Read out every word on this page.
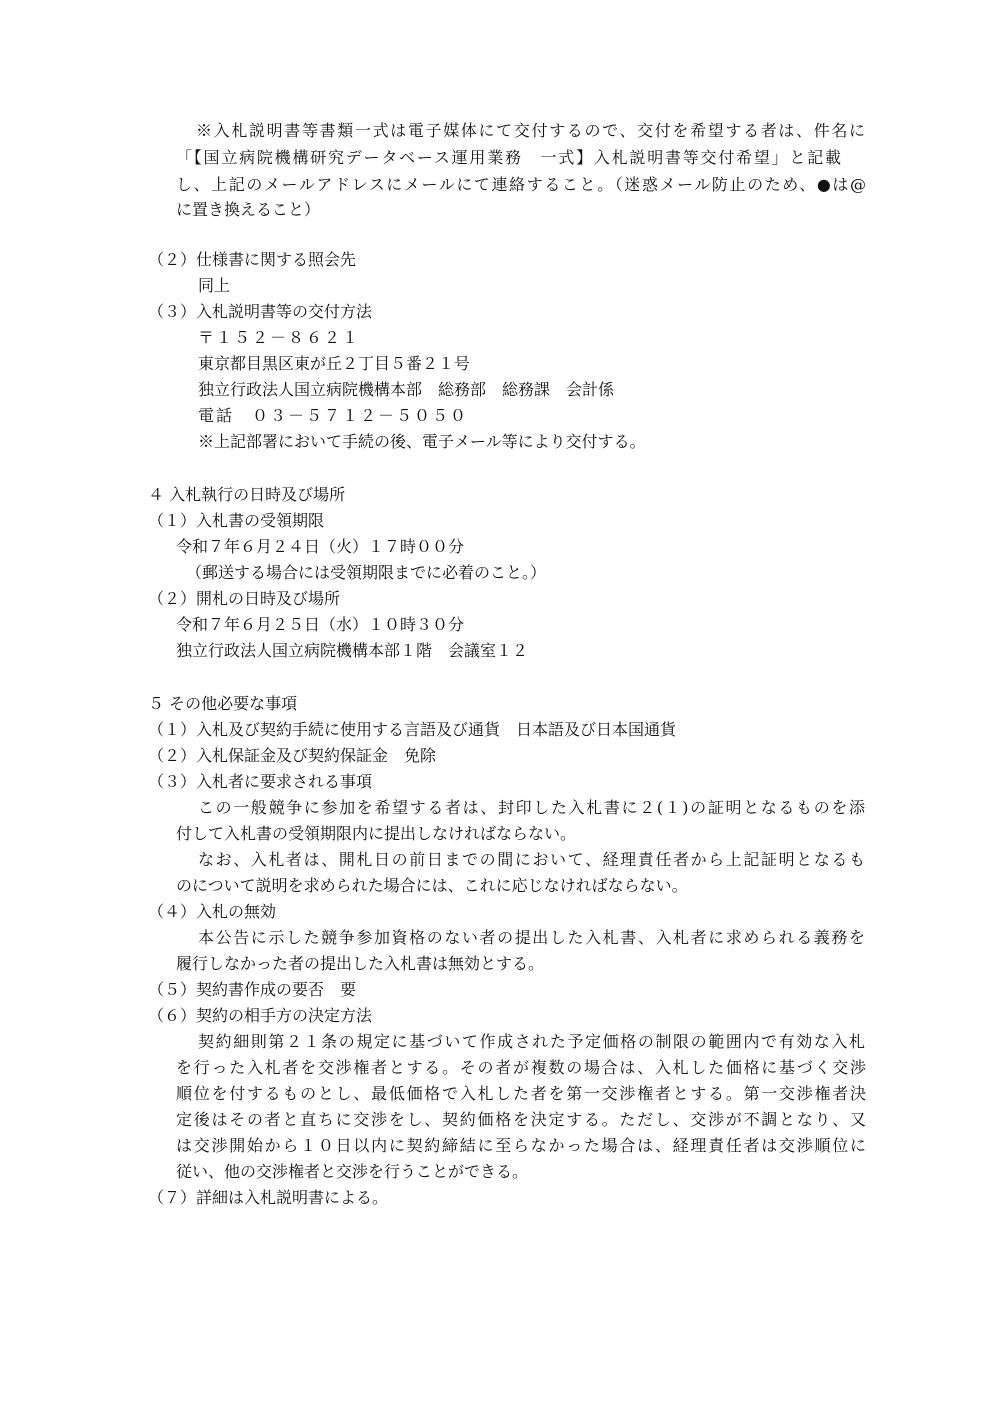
※入札説明書等書類一式は電子媒体にて交付するので、交付を希望する者は、件名に
「【国立病院機構研究データベース運用業務　一式】入札説明書等交付希望」と記載
し、上記のメールアドレスにメールにて連絡すること。（迷惑メール防止のため、●は@
に置き換えること）
（２）仕様書に関する照会先
同上
（３）入札説明書等の交付方法
〒１５２－８６２１
東京都目黒区東が丘２丁目５番２１号
独立行政法人国立病院機構本部　総務部　総務課　会計係
電話　０３－５７１２－５０５０
※上記部署において手続の後、電子メール等により交付する。
４ 入札執行の日時及び場所
（１）入札書の受領期限
令和７年６月２４日（火）１７時００分
（郵送する場合には受領期限までに必着のこと。）
（２）開札の日時及び場所
令和７年６月２５日（水）１０時３０分
独立行政法人国立病院機構本部１階　会議室１２
５ その他必要な事項
（１）入札及び契約手続に使用する言語及び通貨　日本語及び日本国通貨
（２）入札保証金及び契約保証金　免除
（３）入札者に要求される事項
この一般競争に参加を希望する者は、封印した入札書に２(１)の証明となるものを添
付して入札書の受領期限内に提出しなければならない。
なお、入札者は、開札日の前日までの間において、経理責任者から上記証明となるも
のについて説明を求められた場合には、これに応じなければならない。
（４）入札の無効
本公告に示した競争参加資格のない者の提出した入札書、入札者に求められる義務を
履行しなかった者の提出した入札書は無効とする。
（５）契約書作成の要否　要
（６）契約の相手方の決定方法
契約細則第２１条の規定に基づいて作成された予定価格の制限の範囲内で有効な入札
を行った入札者を交渉権者とする。その者が複数の場合は、入札した価格に基づく交渉
順位を付するものとし、最低価格で入札した者を第一交渉権者とする。第一交渉権者決
定後はその者と直ちに交渉をし、契約価格を決定する。ただし、交渉が不調となり、又
は交渉開始から１０日以内に契約締結に至らなかった場合は、経理責任者は交渉順位に
従い、他の交渉権者と交渉を行うことができる。
（７）詳細は入札説明書による。
